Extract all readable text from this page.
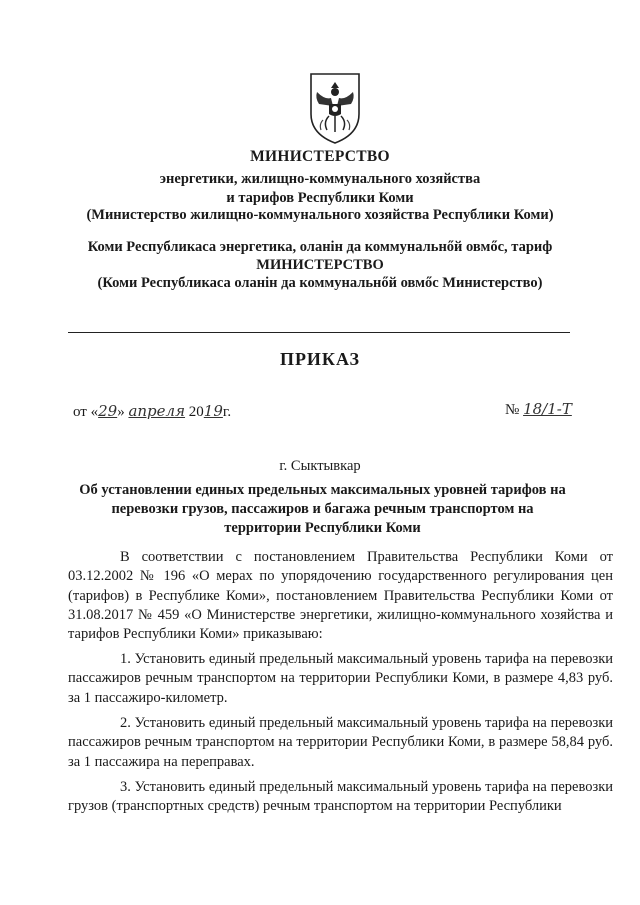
МИНИСТЕРСТВО
энергетики, жилищно-коммунального хозяйства
и тарифов Республики Коми
(Министерство жилищно-коммунального хозяйства Республики Коми)
Коми Республикаса энергетика, оланiн да коммунальнőй овмőс, тариф
МИНИСТЕРСТВО
(Коми Республикаса оланiн да коммунальнőй овмőс Министерство)
ПРИКАЗ
от «29» апреля 2019г.	№ 18/1-Т
г. Сыктывкар
Об установлении единых предельных максимальных уровней тарифов на перевозки грузов, пассажиров и багажа речным транспортом на территории Республики Коми
В соответствии с постановлением Правительства Республики Коми от 03.12.2002 № 196 «О мерах по упорядочению государственного регулирования цен (тарифов) в Республике Коми», постановлением Правительства Республики Коми от 31.08.2017 № 459 «О Министерстве энергетики, жилищно-коммунального хозяйства и тарифов Республики Коми» приказываю:
1. Установить единый предельный максимальный уровень тарифа на перевозки пассажиров речным транспортом на территории Республики Коми, в размере 4,83 руб. за 1 пассажиро-километр.
2. Установить единый предельный максимальный уровень тарифа на перевозки пассажиров речным транспортом на территории Республики Коми, в размере 58,84 руб. за 1 пассажира на переправах.
3. Установить единый предельный максимальный уровень тарифа на перевозки грузов (транспортных средств) речным транспортом на территории Республики
